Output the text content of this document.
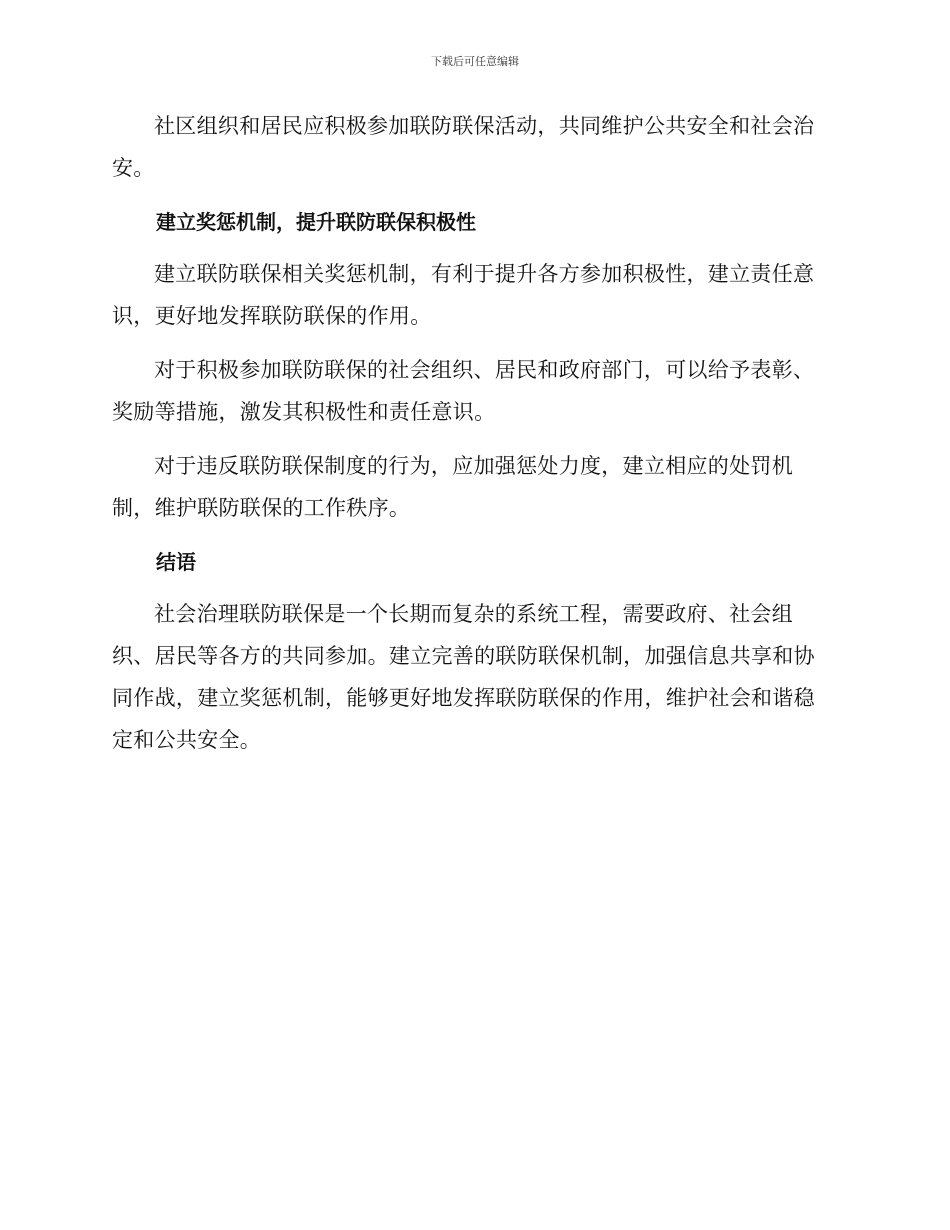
下载后可任意编辑

社区组织和居民应积极参加联防联保活动，共同维护公共安全和社会治安。

建立奖惩机制，提升联防联保积极性

建立联防联保相关奖惩机制，有利于提升各方参加积极性，建立责任意识，更好地发挥联防联保的作用。

对于积极参加联防联保的社会组织、居民和政府部门，可以给予表彰、奖励等措施，激发其积极性和责任意识。

对于违反联防联保制度的行为，应加强惩处力度，建立相应的处罚机制，维护联防联保的工作秩序。

结语

社会治理联防联保是一个长期而复杂的系统工程，需要政府、社会组织、居民等各方的共同参加。建立完善的联防联保机制，加强信息共享和协同作战，建立奖惩机制，能够更好地发挥联防联保的作用，维护社会和谐稳定和公共安全。
